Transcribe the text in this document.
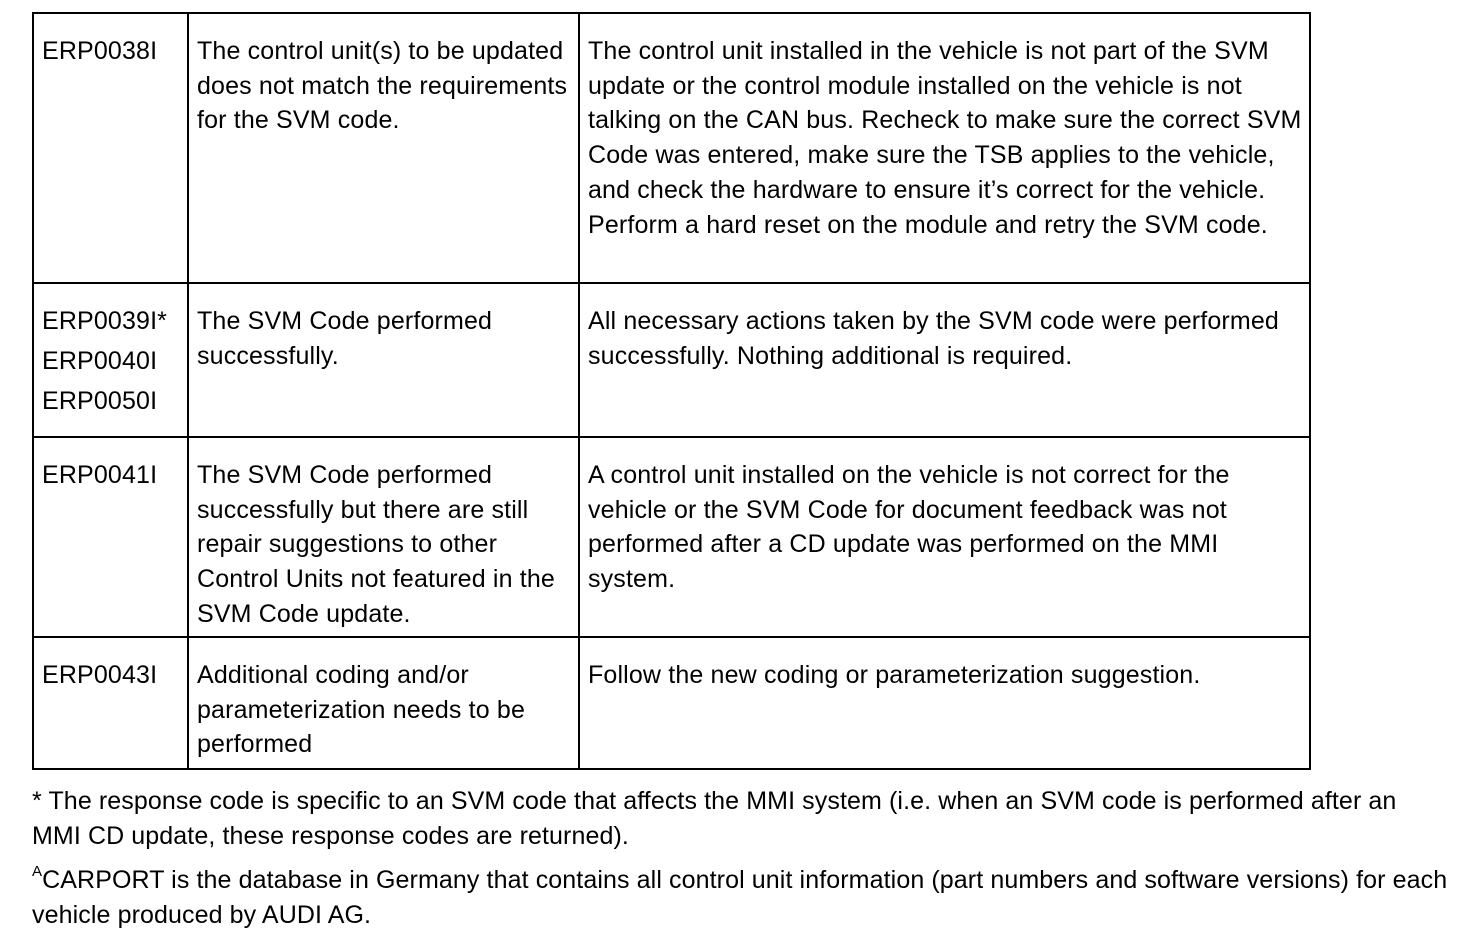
ERP0038I	The control unit(s) to be updated does not match the requirements for the SVM code.	The control unit installed in the vehicle is not part of the SVM update or the control module installed on the vehicle is not talking on the CAN bus. Recheck to make sure the correct SVM Code was entered, make sure the TSB applies to the vehicle, and check the hardware to ensure it’s correct for the vehicle. Perform a hard reset on the module and retry the SVM code.

ERP0039I*
ERP0040I
ERP0050I	The SVM Code performed successfully.	All necessary actions taken by the SVM code were performed successfully. Nothing additional is required.

ERP0041I	The SVM Code performed successfully but there are still repair suggestions to other Control Units not featured in the SVM Code update.	A control unit installed on the vehicle is not correct for the vehicle or the SVM Code for document feedback was not performed after a CD update was performed on the MMI system.

ERP0043I	Additional coding and/or parameterization needs to be performed	Follow the new coding or parameterization suggestion.

* The response code is specific to an SVM code that affects the MMI system (i.e. when an SVM code is performed after an MMI CD update, these response codes are returned).

$^A$CARPORT is the database in Germany that contains all control unit information (part numbers and software versions) for each vehicle produced by AUDI AG.
